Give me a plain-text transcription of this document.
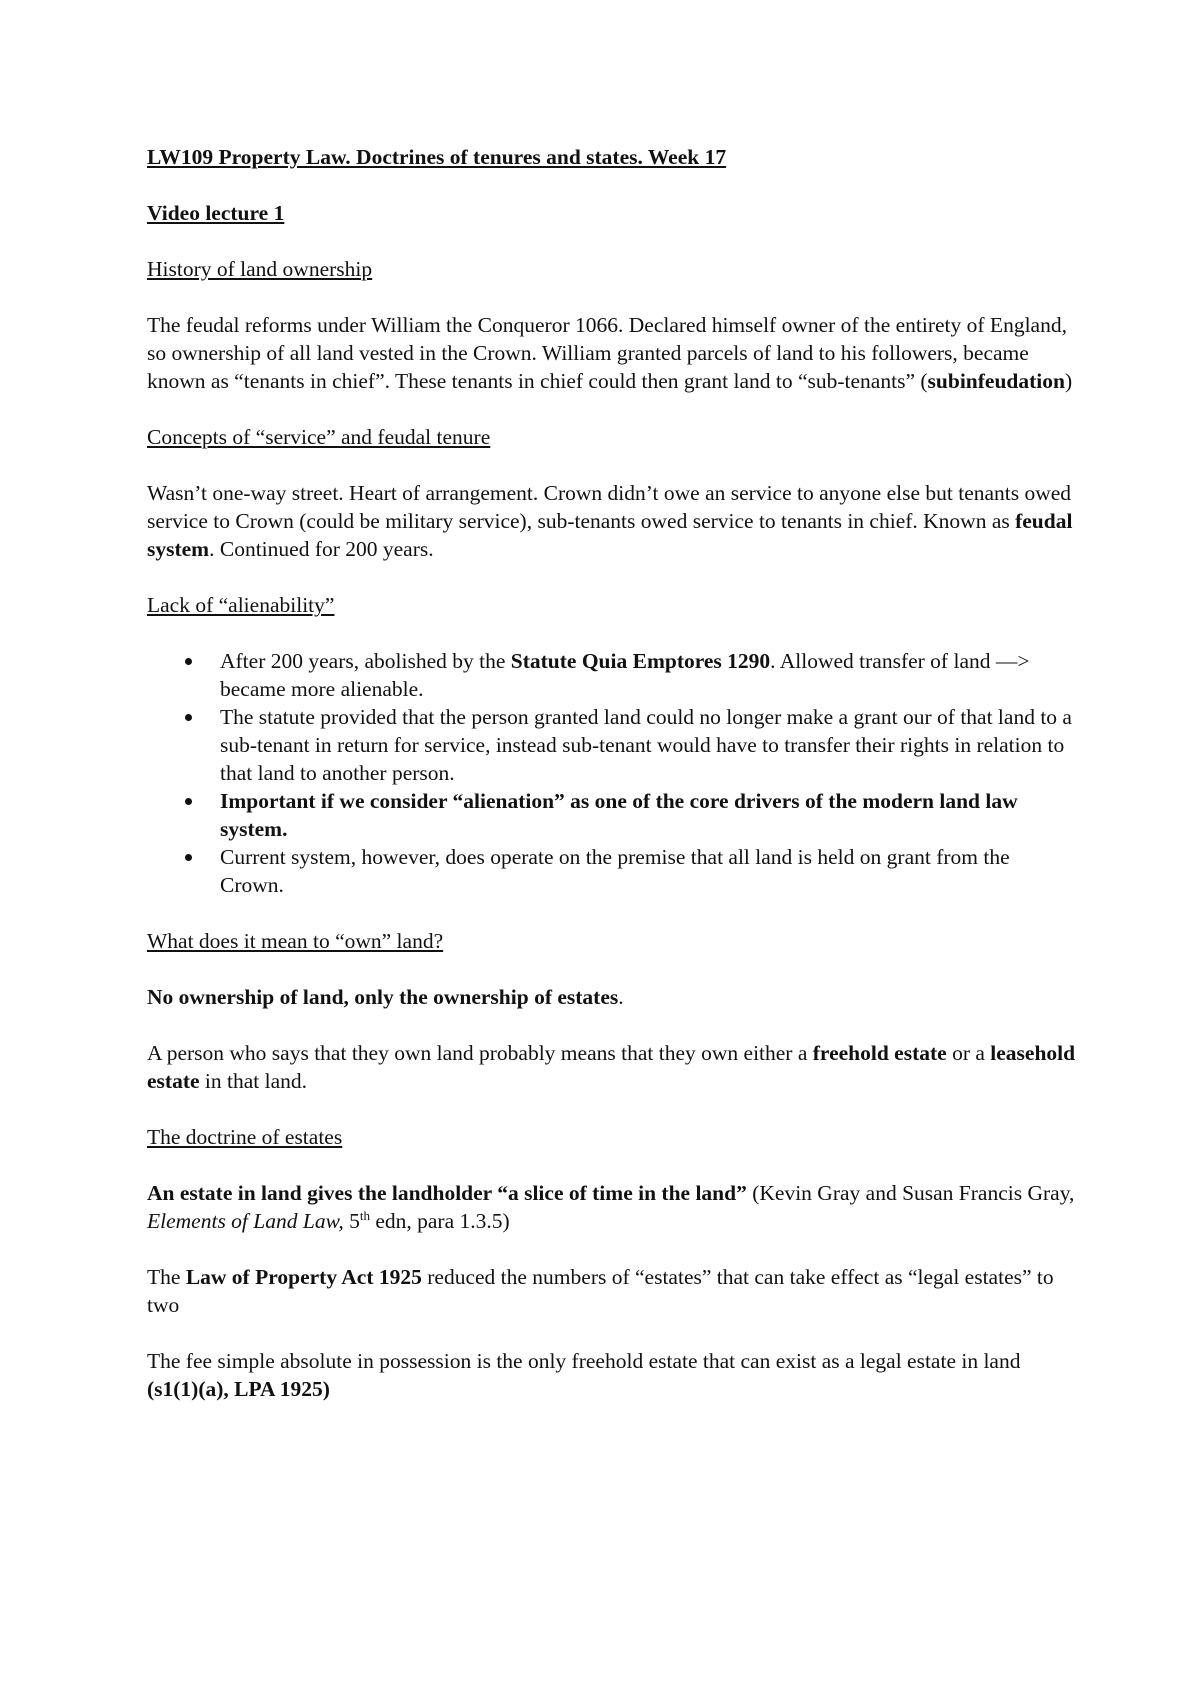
LW109 Property Law. Doctrines of tenures and states. Week 17

Video lecture 1

History of land ownership

The feudal reforms under William the Conqueror 1066. Declared himself owner of the entirety of England, so ownership of all land vested in the Crown. William granted parcels of land to his followers, became known as “tenants in chief”. These tenants in chief could then grant land to “sub-tenants” (subinfeudation)

Concepts of “service” and feudal tenure

Wasn’t one-way street. Heart of arrangement. Crown didn’t owe an service to anyone else but tenants owed service to Crown (could be military service), sub-tenants owed service to tenants in chief. Known as feudal system. Continued for 200 years.

Lack of “alienability”

After 200 years, abolished by the Statute Quia Emptores 1290. Allowed transfer of land —> became more alienable.
The statute provided that the person granted land could no longer make a grant our of that land to a sub-tenant in return for service, instead sub-tenant would have to transfer their rights in relation to that land to another person.
Important if we consider “alienation” as one of the core drivers of the modern land law system.
Current system, however, does operate on the premise that all land is held on grant from the Crown.

What does it mean to “own” land?

No ownership of land, only the ownership of estates.

A person who says that they own land probably means that they own either a freehold estate or a leasehold estate in that land.

The doctrine of estates

An estate in land gives the landholder “a slice of time in the land” (Kevin Gray and Susan Francis Gray, Elements of Land Law, 5th edn, para 1.3.5)

The Law of Property Act 1925 reduced the numbers of “estates” that can take effect as “legal estates” to two

The fee simple absolute in possession is the only freehold estate that can exist as a legal estate in land (s1(1)(a), LPA 1925)
